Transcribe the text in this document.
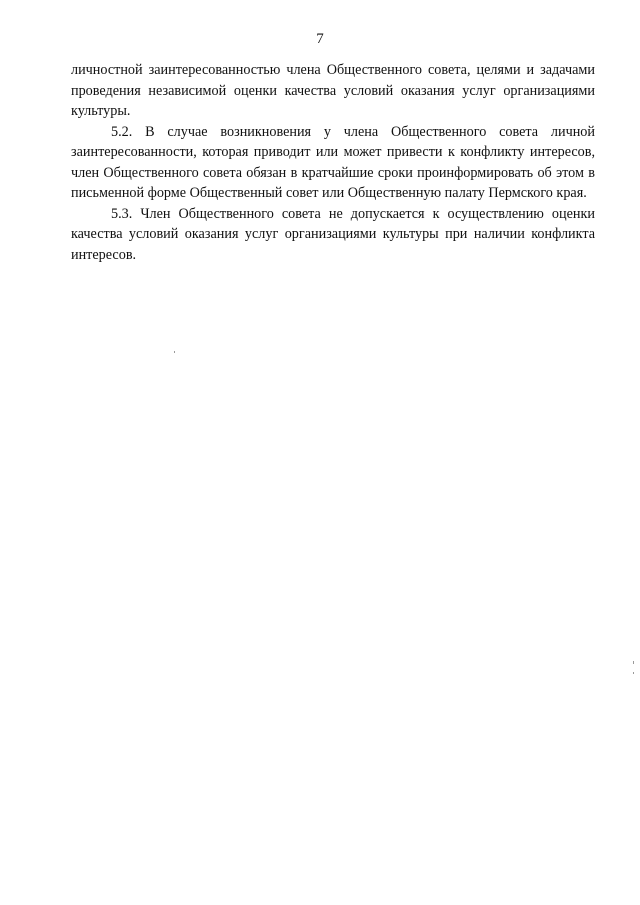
7

личностной заинтересованностью члена Общественного совета, целями и задачами проведения независимой оценки качества условий оказания услуг организациями культуры.

5.2. В случае возникновения у члена Общественного совета личной заинтересованности, которая приводит или может привести к конфликту интересов, член Общественного совета обязан в кратчайшие сроки проинформировать об этом в письменной форме Общественный совет или Общественную палату Пермского края.

5.3. Член Общественного совета не допускается к осуществлению оценки качества условий оказания услуг организациями культуры при наличии конфликта интересов.
